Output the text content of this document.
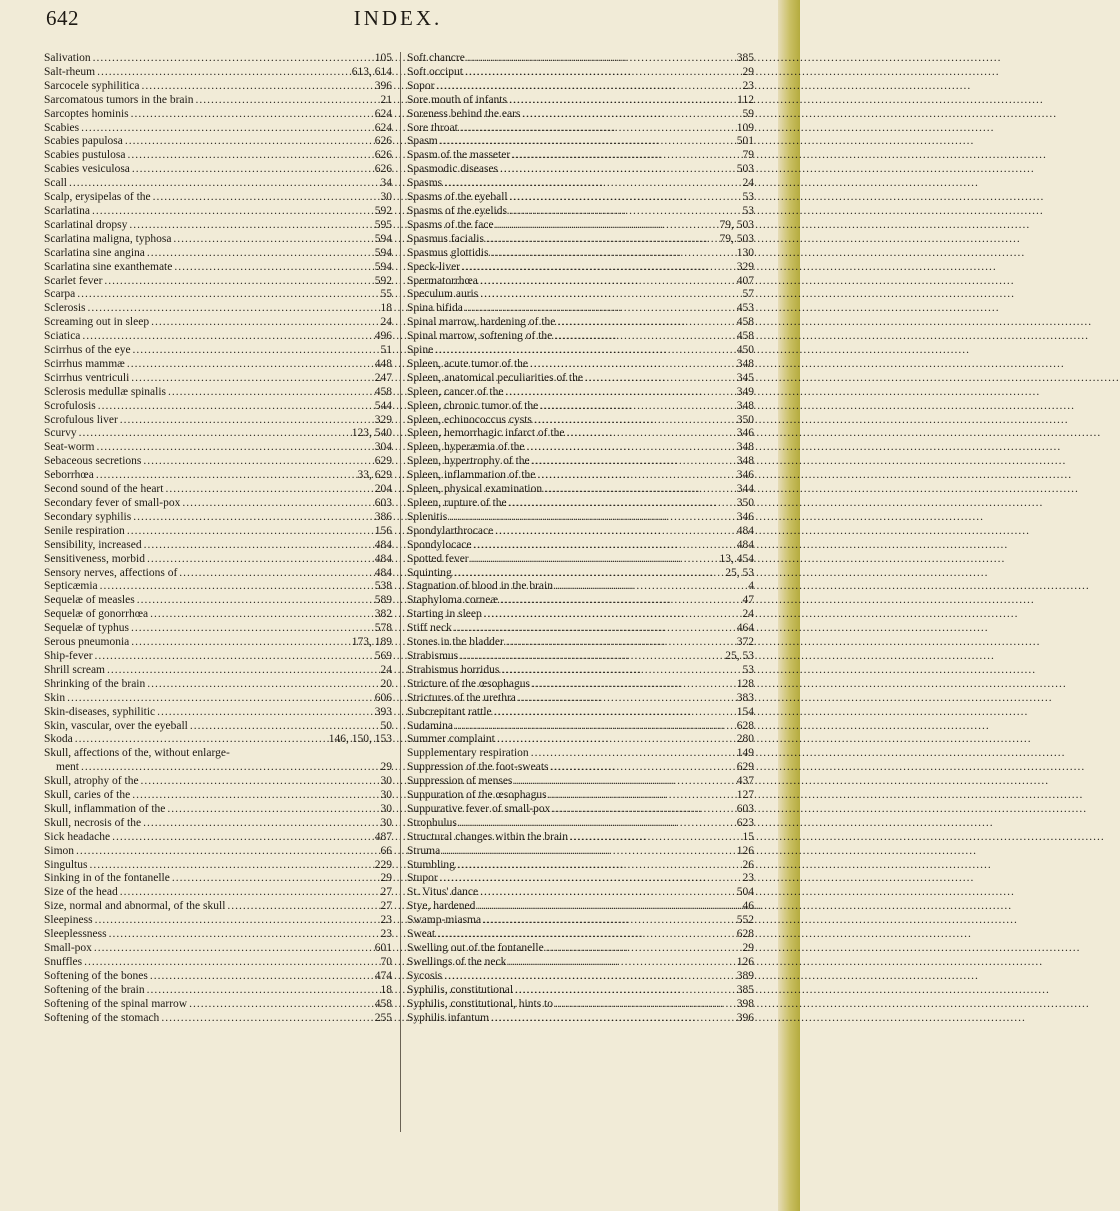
642	INDEX.
Salivation .....	105
Salt-rheum .....	613, 614
Sarcocele syphilitica .....	396
Sarcomatous tumors in the brain .....	21
Sarcoptes hominis .....	624
Scabies .....	624
Scabies papulosa .....	626
Scabies pustulosa .....	626
Scabies vesiculosa .....	626
Scall .....	34
Scalp, erysipelas of the .....	30
Scarlatina .....	592
Scarlatinal dropsy .....	595
Scarlatina maligna, typhosa .....	594
Scarlatina sine angina .....	594
Scarlatina sine exanthemate .....	594
Scarlet fever .....	592
Scarpa .....	55
Sclerosis .....	18
Screaming out in sleep .....	24
Sciatica .....	496
Scirrhus of the eye .....	51
Scirrhus mammæ .....	448
Scirrhus ventriculi .....	247
Sclerosis medullæ spinalis .....	458
Scrofulosis .....	544
Scrofulous liver .....	329
Scurvy .....	123, 540
Seat-worm .....	304
Sebaceous secretions .....	629
Seborrhœa .....	33, 629
Second sound of the heart .....	204
Secondary fever of small-pox .....	603
Secondary syphilis .....	386
Senile respiration .....	156
Sensibility, increased .....	484
Sensitiveness, morbid .....	484
Sensory nerves, affections of .....	484
Septicæmia .....	538
Sequelæ of measles .....	589
Sequelæ of gonorrhœa .....	382
Sequelæ of typhus .....	578
Serous pneumonia .....	173, 189
Ship-fever .....	569
Shrill scream .....	24
Shrinking of the brain .....	20
Skin .....	606
Skin-diseases, syphilitic .....	393
Skin, vascular, over the eyeball .....	50
Skoda .....	146, 150, 153
Skull, affections of the, without enlarge-
ment .....	29
Skull, atrophy of the .....	30
Skull, caries of the .....	30
Skull, inflammation of the .....	30
Skull, necrosis of the .....	30
Sick headache .....	487
Simon .....	66
Singultus .....	229
Sinking in of the fontanelle .....	29
Size of the head .....	27
Size, normal and abnormal, of the skull .....	27
Sleepiness .....	23
Sleeplessness .....	23
Small-pox .....	601
Snuffles .....	70
Softening of the bones .....	474
Softening of the brain .....	18
Softening of the spinal marrow .....	458
Softening of the stomach .....	255
Soft chancre .....	385
Soft occiput .....	29
Sopor .....	23
Sore mouth of infants .....	112
Soreness behind the ears .....	59
Sore throat .....	109
Spasm .....	501
Spasm of the masseter .....	79
Spasmodic diseases .....	503
Spasms .....	24
Spasms of the eyeball .....	53
Spasms of the eyelids .....	53
Spasms of the face .....	79, 503
Spasmus facialis .....	79, 503
Spasmus glottidis .....	130
Speck-liver .....	329
Spermatorrhœa .....	407
Speculum auris .....	57
Spina bifida .....	453
Spinal marrow, hardening of the .....	458
Spinal marrow, softening of the .....	458
Spine .....	450
Spleen, acute tumor of the .....	348
Spleen, anatomical peculiarities of the .....	345
Spleen, cancer of the .....	349
Spleen, chronic tumor of the .....	348
Spleen, echinococcus cysts .....	350
Spleen, hemorrhagic infarct of the .....	346
Spleen, hyperæmia of the .....	348
Spleen, hypertrophy of the .....	348
Spleen, inflammation of the .....	346
Spleen, physical examination .....	344
Spleen, rupture of the .....	350
Splenitis .....	346
Spondylarthrocace .....	484
Spondylocace .....	484
Spotted fever .....	13, 454
Squinting .....	25, 53
Stagnation of blood in the brain .....	4
Staphyloma corneæ .....	47
Starting in sleep .....	24
Stiff neck .....	464
Stones in the bladder .....	372
Strabismus .....	25, 53
Strabismus horridus .....	53
Stricture of the œsophagus .....	128
Strictures of the urethra .....	383
Subcrepitant rattle .....	154
Sudamina .....	628
Summer complaint .....	280
Supplementary respiration .....	149
Suppression of the foot-sweats .....	629
Suppression of menses .....	437
Suppuration of the œsophagus .....	127
Suppurative fever of small-pox .....	603
Strophulus .....	623
Structural changes within the brain .....	15
Struma .....	126
Stumbling .....	26
Stupor .....	23
St. Vitus' dance .....	504
Stye, hardened .....	46
Swamp-miasma .....	552
Sweat .....	628
Swelling out of the fontanelle .....	29
Swellings of the neck .....	126
Sycosis .....	389
Syphilis, constitutional .....	385
Syphilis, constitutional, hints to .....	398
Syphilis infantum .....	396
